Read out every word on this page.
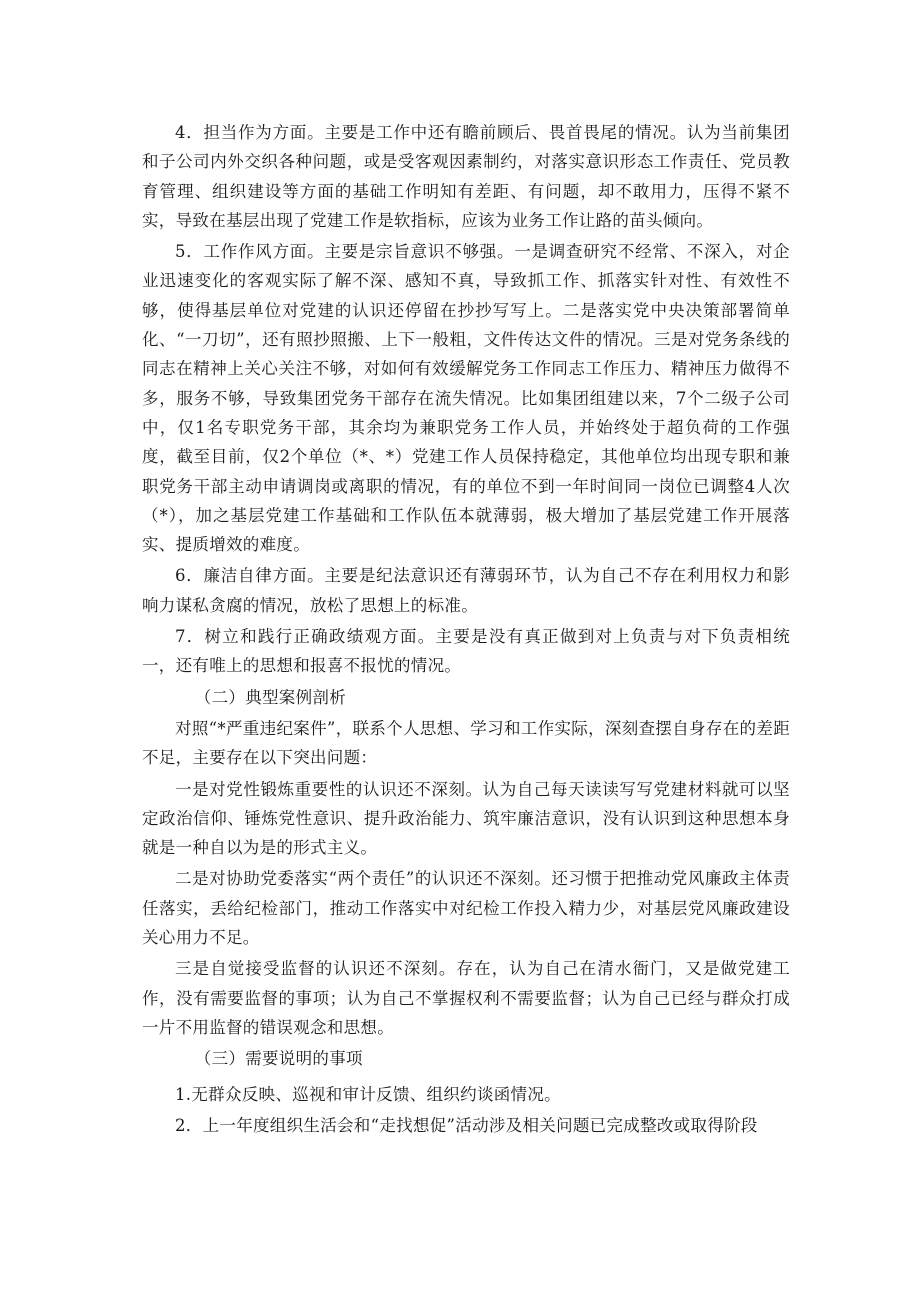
4．担当作为方面。主要是工作中还有瞻前顾后、畏首畏尾的情况。认为当前集团和子公司内外交织各种问题，或是受客观因素制约，对落实意识形态工作责任、党员教育管理、组织建设等方面的基础工作明知有差距、有问题，却不敢用力，压得不紧不实，导致在基层出现了党建工作是软指标，应该为业务工作让路的苗头倾向。

5．工作作风方面。主要是宗旨意识不够强。一是调查研究不经常、不深入，对企业迅速变化的客观实际了解不深、感知不真，导致抓工作、抓落实针对性、有效性不够，使得基层单位对党建的认识还停留在抄抄写写上。二是落实党中央决策部署简单化、“一刀切”，还有照抄照搬、上下一般粗，文件传达文件的情况。三是对党务条线的同志在精神上关心关注不够，对如何有效缓解党务工作同志工作压力、精神压力做得不多，服务不够，导致集团党务干部存在流失情况。比如集团组建以来，7个二级子公司中，仅1名专职党务干部，其余均为兼职党务工作人员，并始终处于超负荷的工作强度，截至目前，仅2个单位（*、*）党建工作人员保持稳定，其他单位均出现专职和兼职党务干部主动申请调岗或离职的情况，有的单位不到一年时间同一岗位已调整4人次（*），加之基层党建工作基础和工作队伍本就薄弱，极大增加了基层党建工作开展落实、提质增效的难度。

6．廉洁自律方面。主要是纪法意识还有薄弱环节，认为自己不存在利用权力和影响力谋私贪腐的情况，放松了思想上的标准。

7．树立和践行正确政绩观方面。主要是没有真正做到对上负责与对下负责相统一，还有唯上的思想和报喜不报忧的情况。

（二）典型案例剖析

对照“*严重违纪案件”，联系个人思想、学习和工作实际，深刻查摆自身存在的差距不足，主要存在以下突出问题：

一是对党性锻炼重要性的认识还不深刻。认为自己每天读读写写党建材料就可以坚定政治信仰、锤炼党性意识、提升政治能力、筑牢廉洁意识，没有认识到这种思想本身就是一种自以为是的形式主义。

二是对协助党委落实“两个责任”的认识还不深刻。还习惯于把推动党风廉政主体责任落实，丢给纪检部门，推动工作落实中对纪检工作投入精力少，对基层党风廉政建设关心用力不足。

三是自觉接受监督的认识还不深刻。存在，认为自己在清水衙门，又是做党建工作，没有需要监督的事项；认为自己不掌握权利不需要监督；认为自己已经与群众打成一片不用监督的错误观念和思想。

（三）需要说明的事项

1.无群众反映、巡视和审计反馈、组织约谈函情况。

2．上一年度组织生活会和“走找想促”活动涉及相关问题已完成整改或取得阶段
